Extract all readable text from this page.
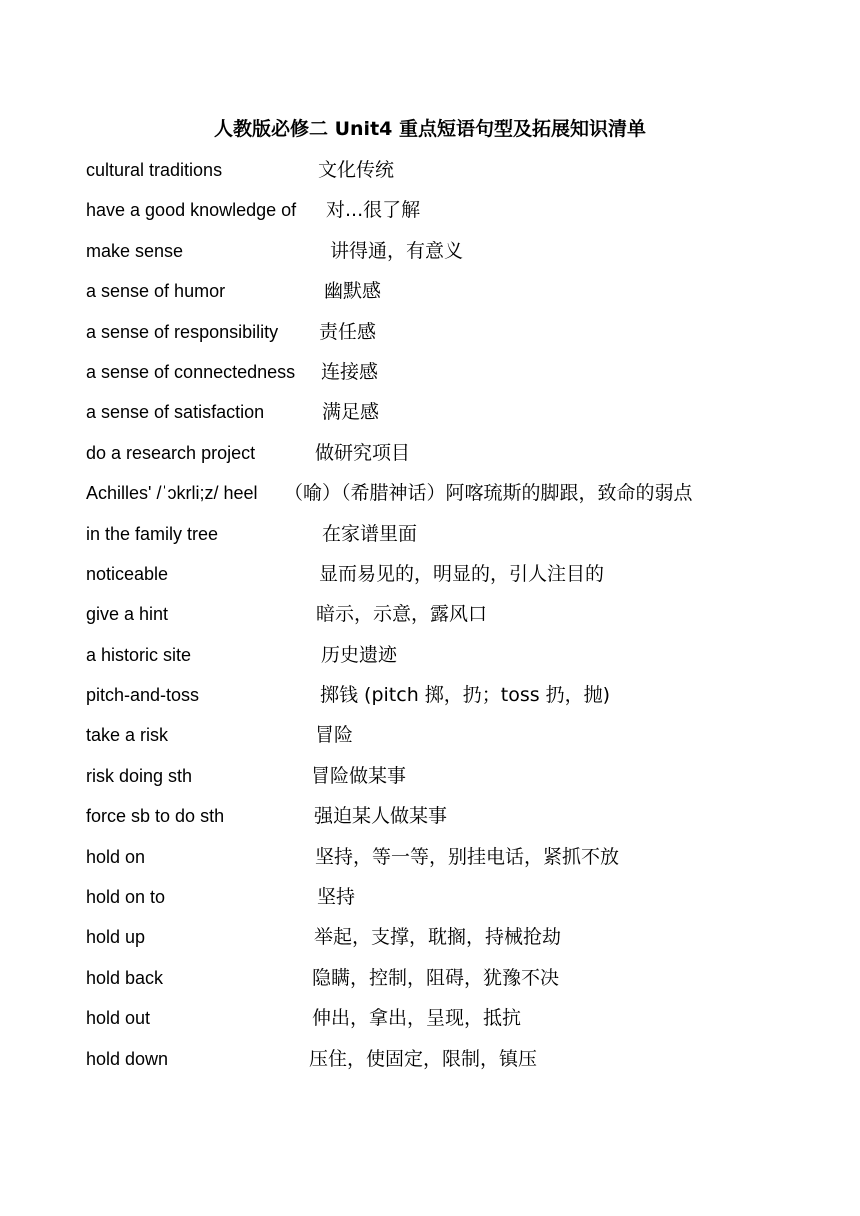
人教版必修二 Unit4 重点短语句型及拓展知识清单
cultural traditions	文化传统
have a good knowledge of 对...很了解
make sense	讲得通，有意义
a sense of humor	幽默感
a sense of responsibility 责任感
a sense of connectedness 连接感
a sense of satisfaction	满足感
do a research project	做研究项目
Achilles' /ˈɔkrli;z/ heel （喻）（希腊神话）阿喀琉斯的脚跟，致命的弱点
in the family tree	在家谱里面
noticeable	显而易见的，明显的，引人注目的
give a hint	暗示，示意，露风口
a historic site	历史遗迹
pitch-and-toss	掷钱 (pitch 掷，扔；toss 扔，抛)
take a risk	冒险
risk doing sth	冒险做某事
force sb to do sth	强迫某人做某事
hold on	坚持，等一等，别挂电话，紧抓不放
hold on to	坚持
hold up	举起，支撑，耽搁，持械抢劫
hold back	隐瞒，控制，阻碍，犹豫不决
hold out	伸出，拿出，呈现，抵抗
hold down	压住，使固定，限制，镇压
